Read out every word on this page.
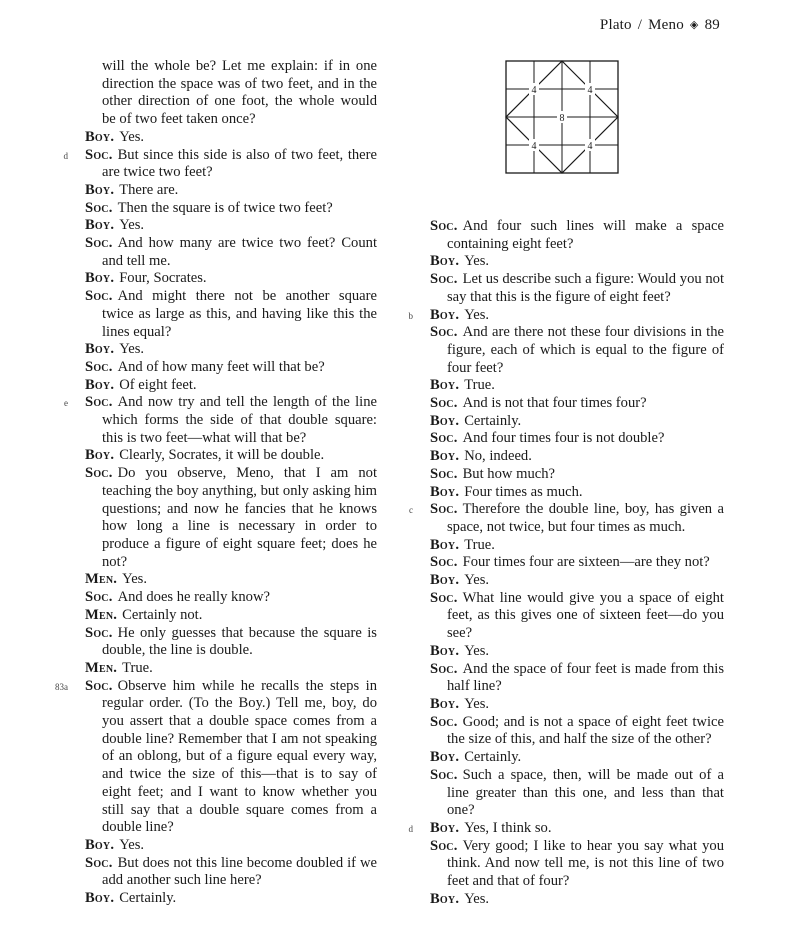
Plato / Meno ◈ 89
4	4
8
4	4
will the whole be? Let me explain: if in one direction the space was of two feet, and in the other direction of one foot, the whole would be of two feet taken once?
Boy. Yes.
d Soc. But since this side is also of two feet, there are twice two feet?
Boy. There are.
Soc. Then the square is of twice two feet?
Boy. Yes.
Soc. And how many are twice two feet? Count and tell me.
Boy. Four, Socrates.
Soc. And might there not be another square twice as large as this, and having like this the lines equal?
Boy. Yes.
Soc. And of how many feet will that be?
Boy. Of eight feet.
e Soc. And now try and tell the length of the line which forms the side of that double square: this is two feet—what will that be?
Boy. Clearly, Socrates, it will be double.
Soc. Do you observe, Meno, that I am not teaching the boy anything, but only asking him questions; and now he fancies that he knows how long a line is necessary in order to produce a figure of eight square feet; does he not?
Men. Yes.
Soc. And does he really know?
Men. Certainly not.
Soc. He only guesses that because the square is double, the line is double.
Men. True.
83a Soc. Observe him while he recalls the steps in regular order. (To the Boy.) Tell me, boy, do you assert that a double space comes from a double line? Remember that I am not speaking of an oblong, but of a figure equal every way, and twice the size of this—that is to say of eight feet; and I want to know whether you still say that a double square comes from a double line?
Boy. Yes.
Soc. But does not this line become doubled if we add another such line here?
Boy. Certainly.
Soc. And four such lines will make a space containing eight feet?
Boy. Yes.
Soc. Let us describe such a figure: Would you not say that this is the figure of eight feet?
b Boy. Yes.
Soc. And are there not these four divisions in the figure, each of which is equal to the figure of four feet?
Boy. True.
Soc. And is not that four times four?
Boy. Certainly.
Soc. And four times four is not double?
Boy. No, indeed.
Soc. But how much?
Boy. Four times as much.
c Soc. Therefore the double line, boy, has given a space, not twice, but four times as much.
Boy. True.
Soc. Four times four are sixteen—are they not?
Boy. Yes.
Soc. What line would give you a space of eight feet, as this gives one of sixteen feet—do you see?
Boy. Yes.
Soc. And the space of four feet is made from this half line?
Boy. Yes.
Soc. Good; and is not a space of eight feet twice the size of this, and half the size of the other?
Boy. Certainly.
Soc. Such a space, then, will be made out of a line greater than this one, and less than that one?
d Boy. Yes, I think so.
Soc. Very good; I like to hear you say what you think. And now tell me, is not this line of two feet and that of four?
Boy. Yes.
